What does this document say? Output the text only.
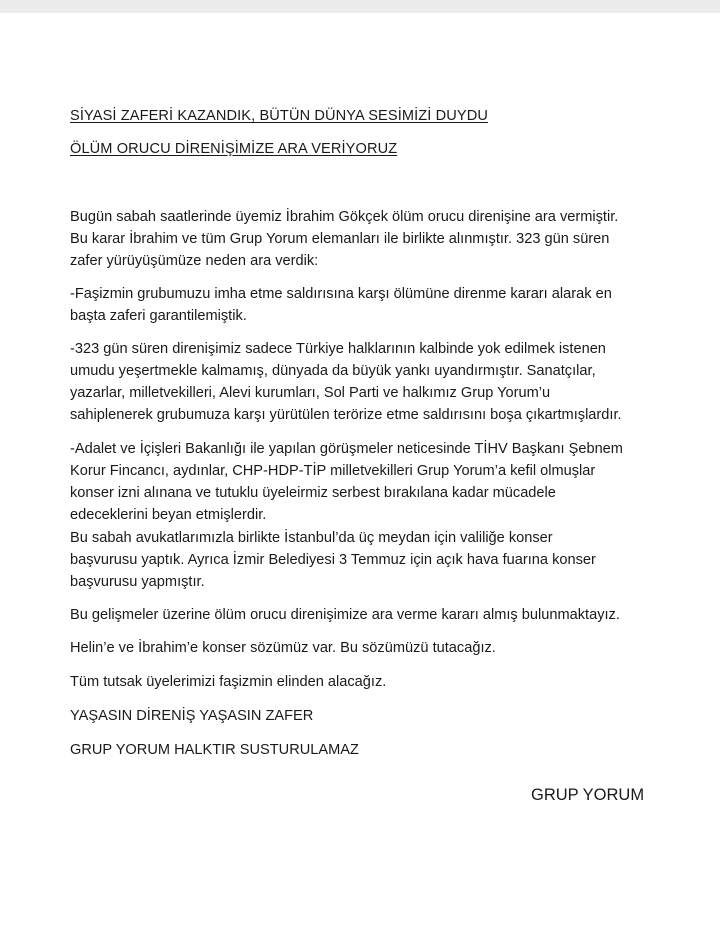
SİYASİ ZAFERİ KAZANDIK, BÜTÜN DÜNYA SESİMİZİ DUYDU
ÖLÜM ORUCU DİRENİŞİMİZE ARA VERİYORUZ
Bugün sabah saatlerinde üyemiz İbrahim Gökçek ölüm orucu direnişine ara vermiştir.
Bu karar İbrahim ve tüm Grup Yorum elemanları ile birlikte alınmıştır. 323 gün süren
zafer yürüyüşümüze neden ara verdik:
-Faşizmin grubumuzu imha etme saldırısına karşı ölümüne direnme kararı alarak en
başta zaferi garantilemiştik.
-323 gün süren direnişimiz sadece Türkiye halklarının kalbinde yok edilmek istenen
umudu yeşertmekle kalmamış, dünyada da büyük yankı uyandırmıştır. Sanatçılar,
yazarlar, milletvekilleri, Alevi kurumları, Sol Parti ve halkımız Grup Yorum’u
sahiplenerek grubumuza karşı yürütülen terörize etme saldırısını boşa çıkartmışlardır.
-Adalet ve İçişleri Bakanlığı ile yapılan görüşmeler neticesinde TİHV Başkanı Şebnem
Korur Fincancı, aydınlar, CHP-HDP-TİP milletvekilleri Grup Yorum’a kefil olmuşlar
konser izni alınana ve tutuklu üyeleirmiz serbest bırakılana kadar mücadele
edeceklerini beyan etmişlerdir.
Bu sabah avukatlarımızla birlikte İstanbul’da üç meydan için valiliğe konser
başvurusu yaptık. Ayrıca İzmir Belediyesi 3 Temmuz için açık hava fuarına konser
başvurusu yapmıştır.
Bu gelişmeler üzerine ölüm orucu direnişimize ara verme kararı almış bulunmaktayız.
Helin’e ve İbrahim’e konser sözümüz var. Bu sözümüzü tutacağız.
Tüm tutsak üyelerimizi faşizmin elinden alacağız.
YAŞASIN DİRENİŞ YAŞASIN ZAFER
GRUP YORUM HALKTIR SUSTURULAMAZ
GRUP YORUM
